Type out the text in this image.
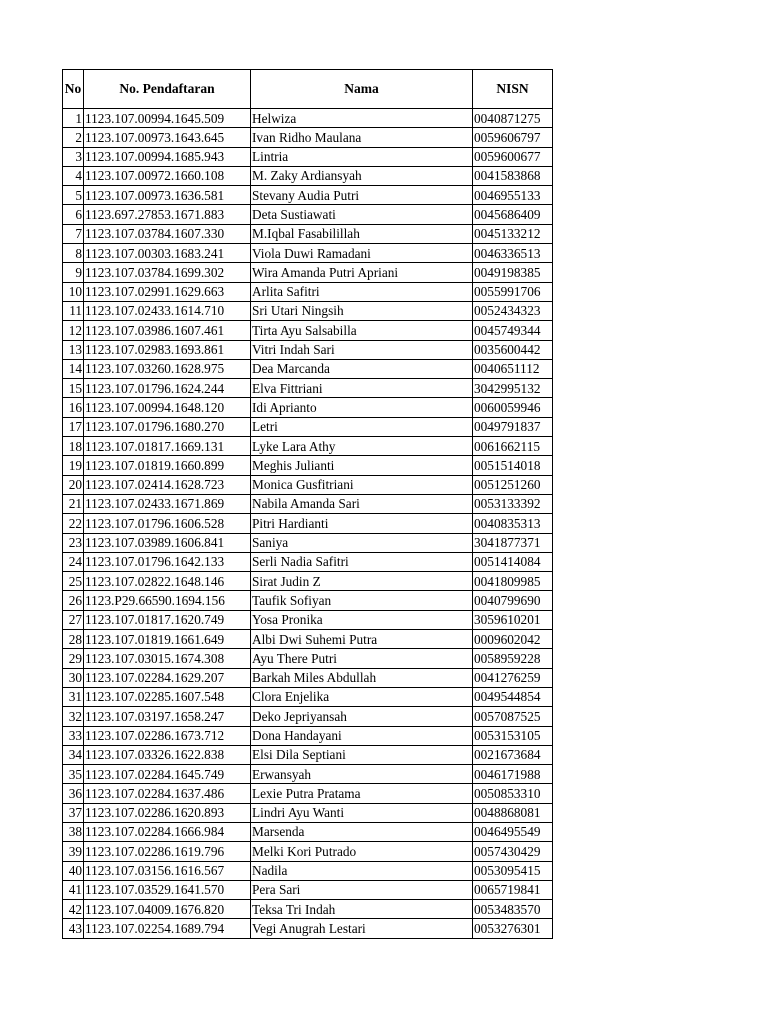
No	No. Pendaftaran	Nama	NISN
1	1123.107.00994.1645.509	Helwiza	0040871275
2	1123.107.00973.1643.645	Ivan Ridho Maulana	0059606797
3	1123.107.00994.1685.943	Lintria	0059600677
4	1123.107.00972.1660.108	M. Zaky Ardiansyah	0041583868
5	1123.107.00973.1636.581	Stevany Audia Putri	0046955133
6	1123.697.27853.1671.883	Deta Sustiawati	0045686409
7	1123.107.03784.1607.330	M.Iqbal Fasabilillah	0045133212
8	1123.107.00303.1683.241	Viola Duwi Ramadani	0046336513
9	1123.107.03784.1699.302	Wira Amanda Putri Apriani	0049198385
10	1123.107.02991.1629.663	Arlita Safitri	0055991706
11	1123.107.02433.1614.710	Sri Utari Ningsih	0052434323
12	1123.107.03986.1607.461	Tirta Ayu Salsabilla	0045749344
13	1123.107.02983.1693.861	Vitri Indah Sari	0035600442
14	1123.107.03260.1628.975	Dea Marcanda	0040651112
15	1123.107.01796.1624.244	Elva Fittriani	3042995132
16	1123.107.00994.1648.120	Idi Aprianto	0060059946
17	1123.107.01796.1680.270	Letri	0049791837
18	1123.107.01817.1669.131	Lyke Lara Athy	0061662115
19	1123.107.01819.1660.899	Meghis Julianti	0051514018
20	1123.107.02414.1628.723	Monica Gusfitriani	0051251260
21	1123.107.02433.1671.869	Nabila Amanda Sari	0053133392
22	1123.107.01796.1606.528	Pitri Hardianti	0040835313
23	1123.107.03989.1606.841	Saniya	3041877371
24	1123.107.01796.1642.133	Serli Nadia Safitri	0051414084
25	1123.107.02822.1648.146	Sirat Judin Z	0041809985
26	1123.P29.66590.1694.156	Taufik Sofiyan	0040799690
27	1123.107.01817.1620.749	Yosa Pronika	3059610201
28	1123.107.01819.1661.649	Albi Dwi Suhemi Putra	0009602042
29	1123.107.03015.1674.308	Ayu There Putri	0058959228
30	1123.107.02284.1629.207	Barkah Miles Abdullah	0041276259
31	1123.107.02285.1607.548	Clora Enjelika	0049544854
32	1123.107.03197.1658.247	Deko Jepriyansah	0057087525
33	1123.107.02286.1673.712	Dona Handayani	0053153105
34	1123.107.03326.1622.838	Elsi Dila Septiani	0021673684
35	1123.107.02284.1645.749	Erwansyah	0046171988
36	1123.107.02284.1637.486	Lexie Putra Pratama	0050853310
37	1123.107.02286.1620.893	Lindri Ayu Wanti	0048868081
38	1123.107.02284.1666.984	Marsenda	0046495549
39	1123.107.02286.1619.796	Melki Kori Putrado	0057430429
40	1123.107.03156.1616.567	Nadila	0053095415
41	1123.107.03529.1641.570	Pera Sari	0065719841
42	1123.107.04009.1676.820	Teksa Tri Indah	0053483570
43	1123.107.02254.1689.794	Vegi Anugrah Lestari	0053276301
